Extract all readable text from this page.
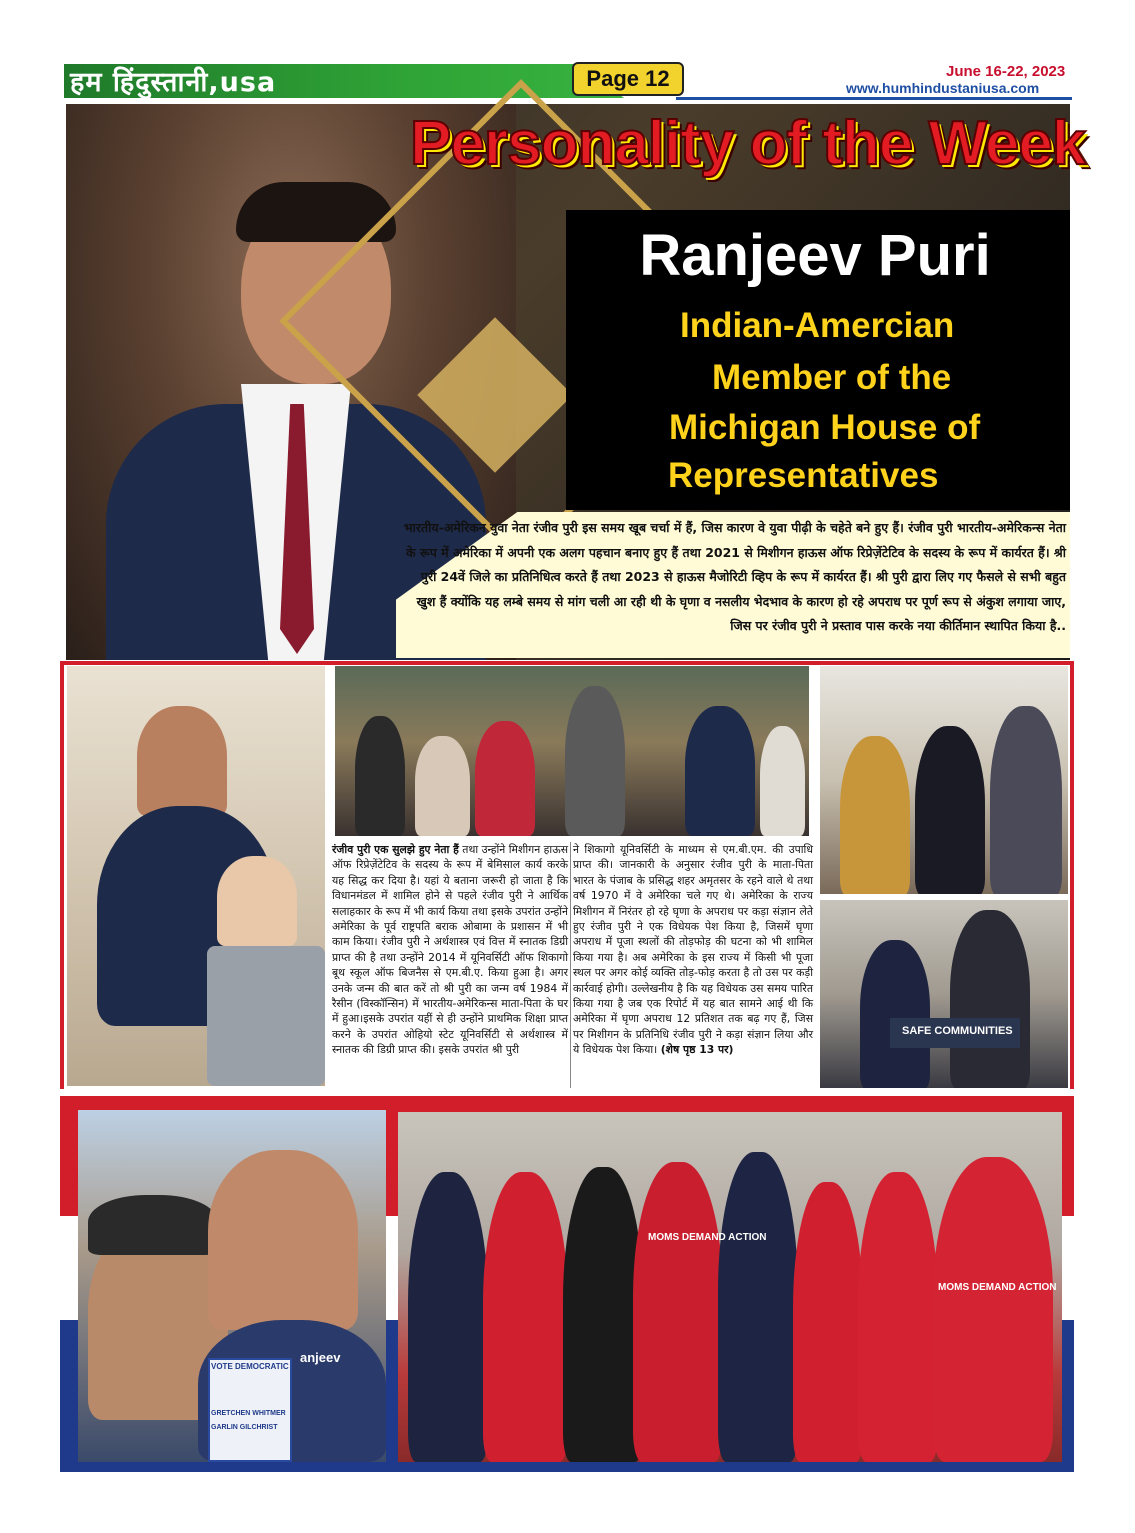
हम हिंदुस्तानी,usa	Page 12	June 16-22, 2023
www.humhindustaniusa.com
Personality of the Week
Ranjeev Puri
Indian-Amercian
Member of the
Michigan House of
Representatives
भारतीय-अमेरिकन युवा नेता रंजीव पुरी इस समय खूब चर्चा में हैं, जिस कारण वे युवा पीढ़ी के चहेते बने हुए हैं। रंजीव पुरी भारतीय-अमेरिकन्स नेता के रूप में अमेरिका में अपनी एक अलग पहचान बनाए हुए हैं तथा 2021 से मिशीगन हाऊस ऑफ रिप्रेज़ेंटेटिव के सदस्य के रूप में कार्यरत हैं। श्री पुरी 24वें जिले का प्रतिनिधित्व करते हैं तथा 2023 से हाऊस मैजोरिटी व्हिप के रूप में कार्यरत हैं। श्री पुरी द्वारा लिए गए फैसले से सभी बहुत खुश हैं क्योंकि यह लम्बे समय से मांग चली आ रही थी के घृणा व नसलीय भेदभाव के कारण हो रहे अपराध पर पूर्ण रूप से अंकुश लगाया जाए, जिस पर रंजीव पुरी ने प्रस्ताव पास करके नया कीर्तिमान स्थापित किया है..
SAFE COMMUNITIES
रंजीव पुरी एक सुलझे हुए नेता हैं तथा उन्होंने मिशीगन हाऊस ऑफ रिप्रेज़ेंटेटिव के सदस्य के रूप में बेमिसाल कार्य करके यह सिद्ध कर दिया है। यहां ये बताना जरूरी हो जाता है कि विधानमंडल में शामिल होने से पहले रंजीव पुरी ने आर्थिक सलाहकार के रूप में भी कार्य किया तथा इसके उपरांत उन्होंने अमेरिका के पूर्व राष्ट्रपति बराक ओबामा के प्रशासन में भी काम किया। रंजीव पुरी ने अर्थशास्त्र एवं वित्त में स्नातक डिग्री प्राप्त की है तथा उन्होंने 2014 में यूनिवर्सिटी ऑफ शिकागो बूथ स्कूल ऑफ बिजनैस से एम.बी.ए. किया हुआ है। अगर उनके जन्म की बात करें तो श्री पुरी का जन्म वर्ष 1984 में रैसीन (विस्कॉन्सिन) में भारतीय-अमेरिकन्स माता-पिता के घर में हुआ।इसके उपरांत यहीं से ही उन्होंने प्राथमिक शिक्षा प्राप्त करने के उपरांत ओहियो स्टेट यूनिवर्सिटी से अर्थशास्त्र में स्नातक की डिग्री प्राप्त की। इसके उपरांत श्री पुरी
ने शिकागो यूनिवर्सिटी के माध्यम से एम.बी.एम. की उपाधि प्राप्त की। जानकारी के अनुसार रंजीव पुरी के माता-पिता भारत के पंजाब के प्रसिद्ध शहर अमृतसर के रहने वाले थे तथा वर्ष 1970 में वे अमेरिका चले गए थे। अमेरिका के राज्य मिशीगन में निरंतर हो रहे घृणा के अपराध पर कड़ा संज्ञान लेते हुए रंजीव पुरी ने एक विधेयक पेश किया है, जिसमें घृणा अपराध में पूजा स्थलों की तोड़फोड़ की घटना को भी शामिल किया गया है। अब अमेरिका के इस राज्य में किसी भी पूजा स्थल पर अगर कोई व्यक्ति तोड़-फोड़ करता है तो उस पर कड़ी कार्रवाई होगी। उल्लेखनीय है कि यह विधेयक उस समय पारित किया गया है जब एक रिपोर्ट में यह बात सामने आई थी कि अमेरिका में घृणा अपराध 12 प्रतिशत तक बढ़ गए हैं, जिस पर मिशीगन के प्रतिनिधि रंजीव पुरी ने कड़ा संज्ञान लिया और ये विधेयक पेश किया। (शेष पृष्ठ 13 पर)
VOTE DEMOCRATIC
GRETCHEN WHITMER
GARLIN GILCHRIST
anjeev
MOMS DEMAND ACTION
MOMS DEMAND ACTION
